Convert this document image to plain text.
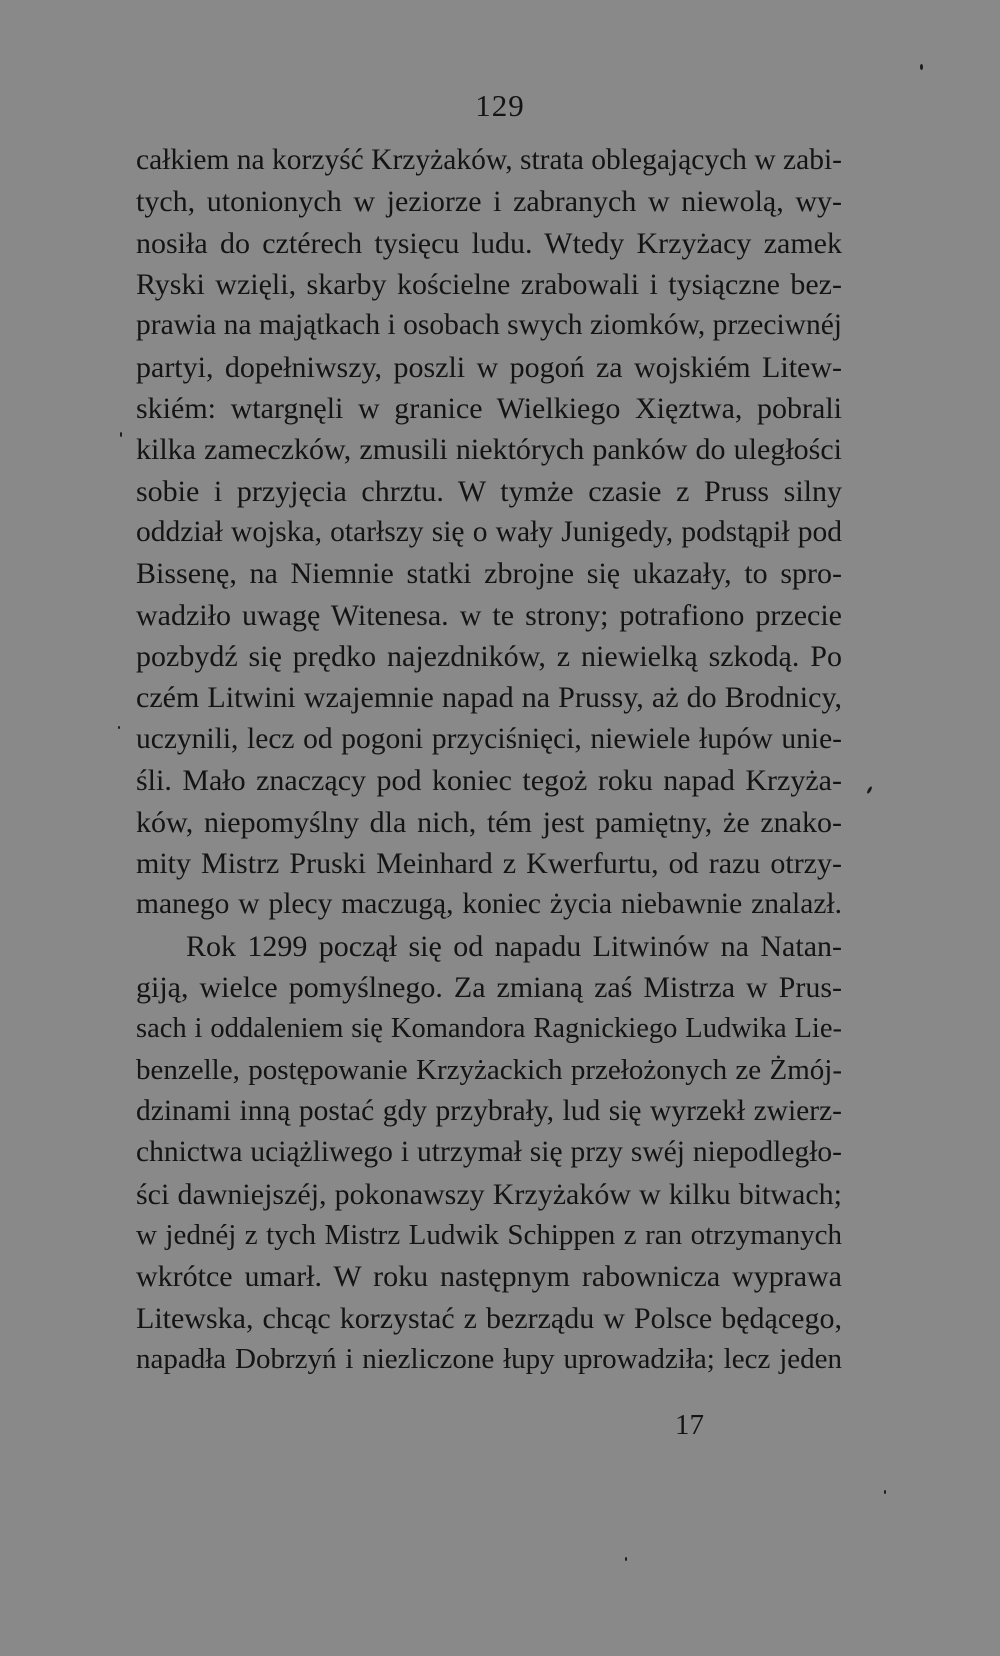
129
całkiem na korzyść Krzyżaków, strata oblegających w zabi-
tych, utonionych w jeziorze i zabranych w niewolą, wy-
nosiła do cztérech tysięcu ludu. Wtedy Krzyżacy zamek
Ryski wzięli, skarby kościelne zrabowali i tysiączne bez-
prawia na majątkach i osobach swych ziomków, przeciwnéj
partyi, dopełniwszy, poszli w pogoń za wojskiém Litew-
skiém: wtargnęli w granice Wielkiego Xięztwa, pobrali
kilka zameczków, zmusili niektórych panków do uległości
sobie i przyjęcia chrztu. W tymże czasie z Pruss silny
oddział wojska, otarłszy się o wały Junigedy, podstąpił pod
Bissenę, na Niemnie statki zbrojne się ukazały, to spro-
wadziło uwagę Witenesa. w te strony; potrafiono przecie
pozbydź się prędko najezdników, z niewielką szkodą. Po
czém Litwini wzajemnie napad na Prussy, aż do Brodnicy,
uczynili, lecz od pogoni przyciśnięci, niewiele łupów unie-
śli. Mało znaczący pod koniec tegoż roku napad Krzyża-
ków, niepomyślny dla nich, tém jest pamiętny, że znako-
mity Mistrz Pruski Meinhard z Kwerfurtu, od razu otrzy-
manego w plecy maczugą, koniec życia niebawnie znalazł.
Rok 1299 począł się od napadu Litwinów na Natan-
giją, wielce pomyślnego. Za zmianą zaś Mistrza w Prus-
sach i oddaleniem się Komandora Ragnickiego Ludwika Lie-
benzelle, postępowanie Krzyżackich przełożonych ze Żmój-
dzinami inną postać gdy przybrały, lud się wyrzekł zwierz-
chnictwa uciążliwego i utrzymał się przy swéj niepodległo-
ści dawniejszéj, pokonawszy Krzyżaków w kilku bitwach;
w jednéj z tych Mistrz Ludwik Schippen z ran otrzymanych
wkrótce umarł. W roku następnym rabownicza wyprawa
Litewska, chcąc korzystać z bezrządu w Polsce będącego,
napadła Dobrzyń i niezliczone łupy uprowadziła; lecz jeden
17
